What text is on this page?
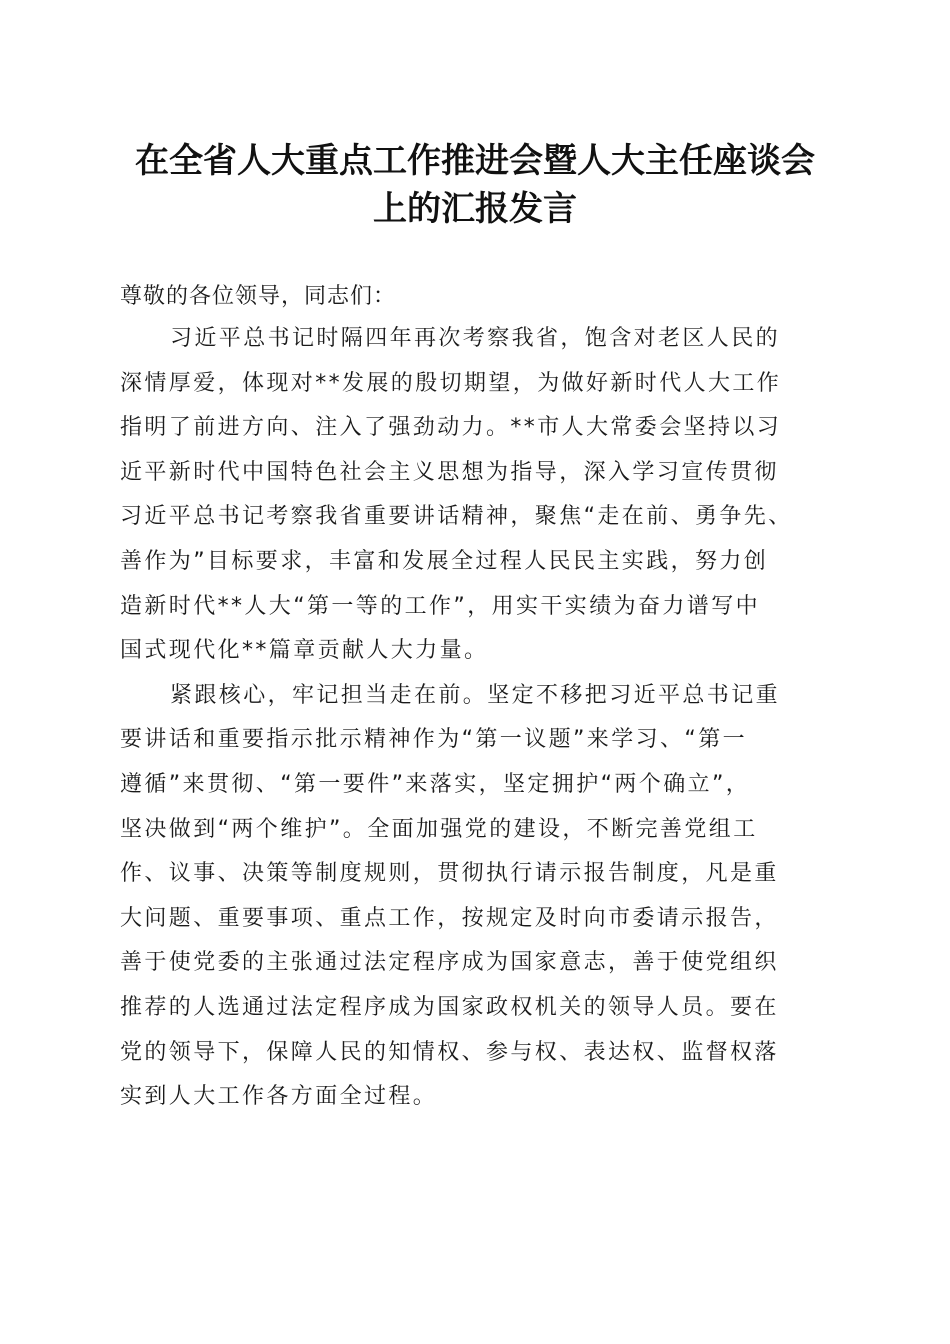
在全省人大重点工作推进会暨人大主任座谈会
上的汇报发言

尊敬的各位领导，同志们：

习近平总书记时隔四年再次考察我省，饱含对老区人民的
深情厚爱，体现对**发展的殷切期望，为做好新时代人大工作
指明了前进方向、注入了强劲动力。**市人大常委会坚持以习
近平新时代中国特色社会主义思想为指导，深入学习宣传贯彻
习近平总书记考察我省重要讲话精神，聚焦“走在前、勇争先、
善作为”目标要求，丰富和发展全过程人民民主实践，努力创
造新时代**人大“第一等的工作”，用实干实绩为奋力谱写中
国式现代化**篇章贡献人大力量。

紧跟核心，牢记担当走在前。坚定不移把习近平总书记重
要讲话和重要指示批示精神作为“第一议题”来学习、“第一
遵循”来贯彻、“第一要件”来落实，坚定拥护“两个确立”，
坚决做到“两个维护”。全面加强党的建设，不断完善党组工
作、议事、决策等制度规则，贯彻执行请示报告制度，凡是重
大问题、重要事项、重点工作，按规定及时向市委请示报告，
善于使党委的主张通过法定程序成为国家意志，善于使党组织
推荐的人选通过法定程序成为国家政权机关的领导人员。要在
党的领导下，保障人民的知情权、参与权、表达权、监督权落
实到人大工作各方面全过程。
